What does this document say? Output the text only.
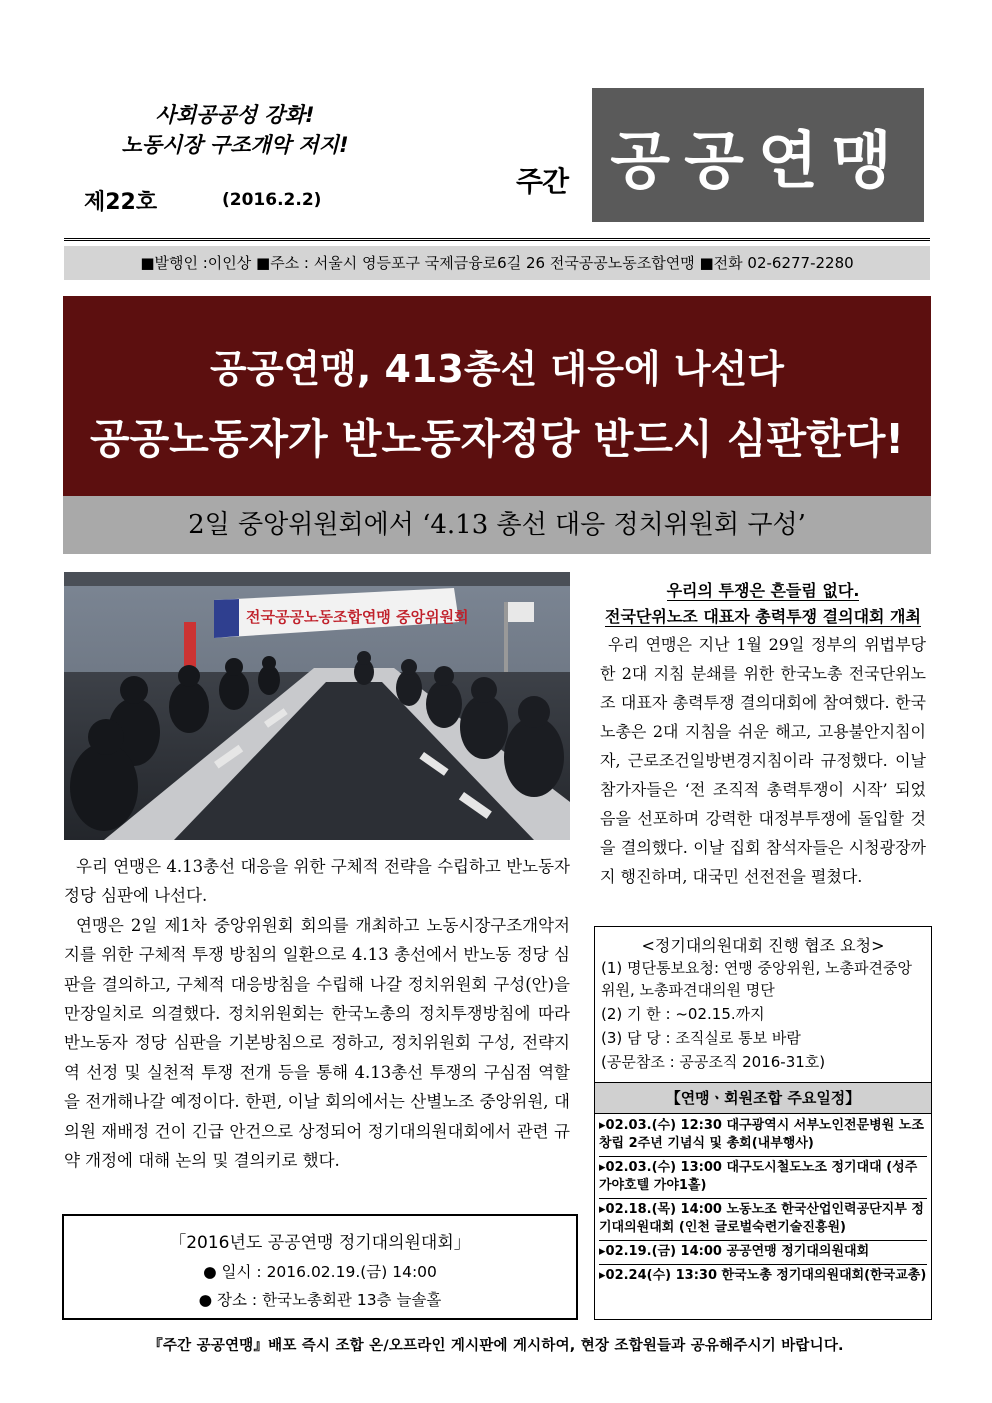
사회공공성 강화!
노동시장 구조개악 저지!
제22호	(2016.2.2)
주간 공공연맹
■발행인 :이인상 ■주소 : 서울시 영등포구 국제금융로6길 26 전국공공노동조합연맹 ■전화 02-6277-2280
공공연맹, 413총선 대응에 나선다
공공노동자가 반노동자정당 반드시 심판한다!
2일 중앙위원회에서 ‘4.13 총선 대응 정치위원회 구성’
전국공공노동조합연맹 중앙위원회

우리 연맹은 4.13총선 대응을 위한 구체적 전략을 수립하고 반노동자정당 심판에 나선다.

연맹은 2일 제1차 중앙위원회 회의를 개최하고 노동시장구조개악저지를 위한 구체적 투쟁 방침의 일환으로 4.13 총선에서 반노동 정당 심판을 결의하고, 구체적 대응방침을 수립해 나갈 정치위원회 구성(안)을 만장일치로 의결했다. 정치위원회는 한국노총의 정치투쟁방침에 따라 반노동자 정당 심판을 기본방침으로 정하고, 정치위원회 구성, 전략지역 선정 및 실천적 투쟁 전개 등을 통해 4.13총선 투쟁의 구심점 역할을 전개해나갈 예정이다. 한편, 이날 회의에서는 산별노조 중앙위원, 대의원 재배정 건이 긴급 안건으로 상정되어 정기대의원대회에서 관련 규약 개정에 대해 논의 및 결의키로 했다.

「2016년도 공공연맹 정기대의원대회」
● 일시 : 2016.02.19.(금) 14:00
● 장소 : 한국노총회관 13층 늘솔홀
우리의 투쟁은 흔들림 없다.
전국단위노조 대표자 총력투쟁 결의대회 개최

우리 연맹은 지난 1월 29일 정부의 위법부당한 2대 지침 분쇄를 위한 한국노총 전국단위노조 대표자 총력투쟁 결의대회에 참여했다. 한국노총은 2대 지침을 쉬운 해고, 고용불안지침이자, 근로조건일방변경지침이라 규정했다. 이날 참가자들은 ‘전 조직적 총력투쟁이 시작’ 되었음을 선포하며 강력한 대정부투쟁에 돌입할 것을 결의했다. 이날 집회 참석자들은 시청광장까지 행진하며, 대국민 선전전을 펼쳤다.

<정기대의원대회 진행 협조 요청>
(1) 명단통보요청: 연맹 중앙위원, 노총파견중앙위원, 노총파견대의원 명단
(2) 기 한 : ~02.15.까지
(3) 담 당 : 조직실로 통보 바람
(공문참조 : 공공조직 2016-31호)
【연맹ㆍ회원조합 주요일정】
▸02.03.(수) 12:30 대구광역시 서부노인전문병원 노조 창립 2주년 기념식 및 총회(내부행사)
▸02.03.(수) 13:00 대구도시철도노조 정기대대 (성주 가야호텔 가야1홀)
▸02.18.(목) 14:00 노동노조 한국산업인력공단지부 정기대의원대회 (인천 글로벌숙련기술진흥원)
▸02.19.(금) 14:00 공공연맹 정기대의원대회
▸02.24(수) 13:30 한국노총 정기대의원대회(한국교총)
『주간 공공연맹』배포 즉시 조합 온/오프라인 게시판에 게시하여, 현장 조합원들과 공유해주시기 바랍니다.
